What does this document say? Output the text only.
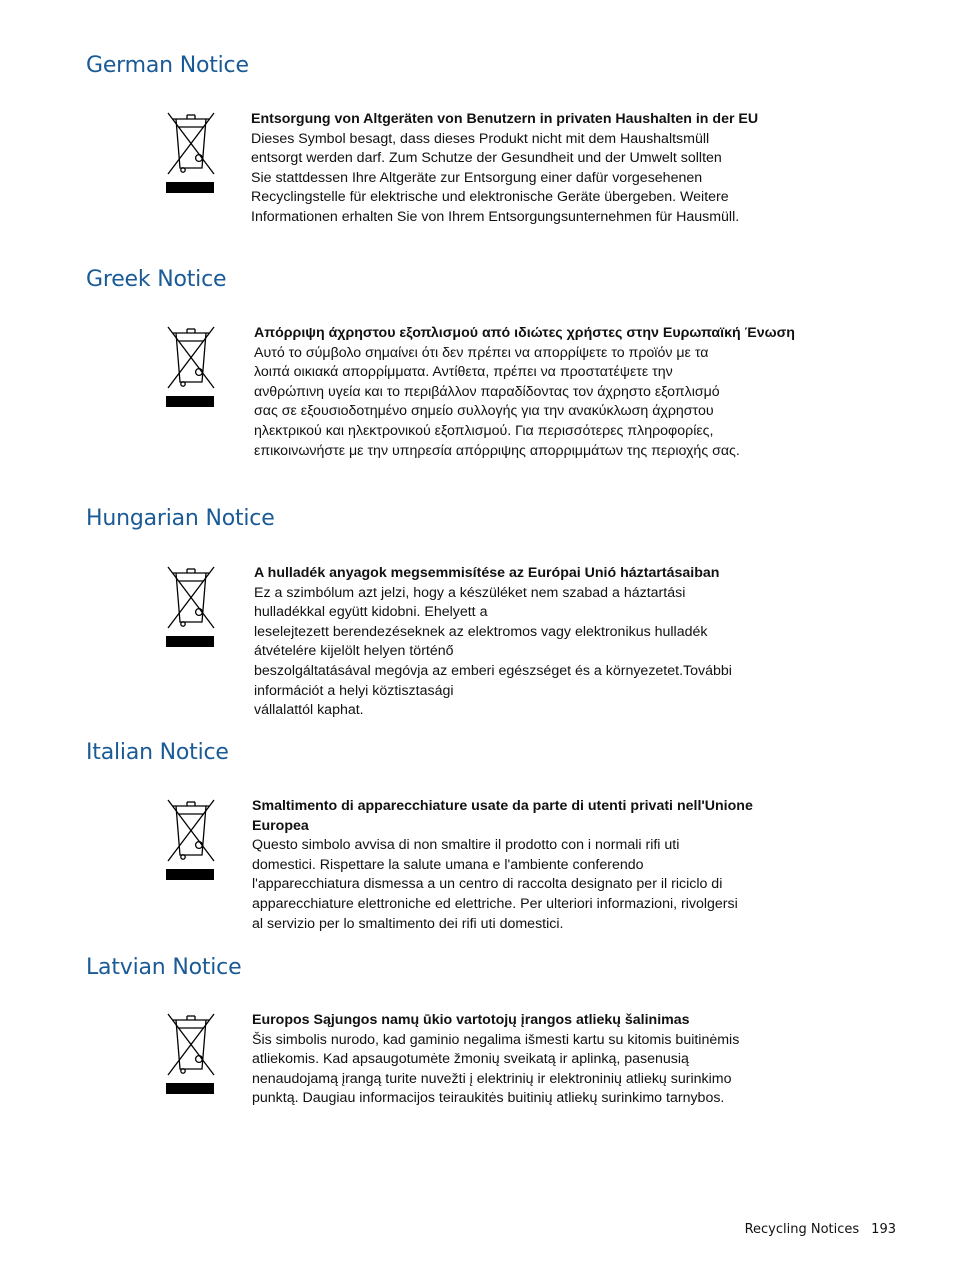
German Notice
Entsorgung von Altgeräten von Benutzern in privaten Haushalten in der EU
Dieses Symbol besagt, dass dieses Produkt nicht mit dem Haushaltsmüll
entsorgt werden darf. Zum Schutze der Gesundheit und der Umwelt sollten
Sie stattdessen Ihre Altgeräte zur Entsorgung einer dafür vorgesehenen
Recyclingstelle für elektrische und elektronische Geräte übergeben. Weitere
Informationen erhalten Sie von Ihrem Entsorgungsunternehmen für Hausmüll.
Greek Notice
Απόρριψη άχρηστου εξοπλισμού από ιδιώτες χρήστες στην Ευρωπαϊκή Ένωση
Αυτό το σύμβολο σημαίνει ότι δεν πρέπει να απορρίψετε το προϊόν με τα
λοιπά οικιακά απορρίμματα. Αντίθετα, πρέπει να προστατέψετε την
ανθρώπινη υγεία και το περιβάλλον παραδίδοντας τον άχρηστο εξοπλισμό
σας σε εξουσιοδοτημένο σημείο συλλογής για την ανακύκλωση άχρηστου
ηλεκτρικού και ηλεκτρονικού εξοπλισμού. Για περισσότερες πληροφορίες,
επικοινωνήστε με την υπηρεσία απόρριψης απορριμμάτων της περιοχής σας.
Hungarian Notice
A hulladék anyagok megsemmisítése az Európai Unió háztartásaiban
Ez a szimbólum azt jelzi, hogy a készüléket nem szabad a háztartási
hulladékkal együtt kidobni. Ehelyett a
leselejtezett berendezéseknek az elektromos vagy elektronikus hulladék
átvételére kijelölt helyen történő
beszolgáltatásával megóvja az emberi egészséget és a környezetet.További
információt a helyi köztisztasági
vállalattól kaphat.
Italian Notice
Smaltimento di apparecchiature usate da parte di utenti privati nell'Unione Europea
Questo simbolo avvisa di non smaltire il prodotto con i normali rifi uti
domestici. Rispettare la salute umana e l'ambiente conferendo
l'apparecchiatura dismessa a un centro di raccolta designato per il riciclo di
apparecchiature elettroniche ed elettriche. Per ulteriori informazioni, rivolgersi
al servizio per lo smaltimento dei rifi uti domestici.
Latvian Notice
Europos Sąjungos namų ūkio vartotojų įrangos atliekų šalinimas
Šis simbolis nurodo, kad gaminio negalima išmesti kartu su kitomis buitinėmis
atliekomis. Kad apsaugotumėte žmonių sveikatą ir aplinką, pasenusią
nenaudojamą įrangą turite nuvežti į elektrinių ir elektroninių atliekų surinkimo
punktą. Daugiau informacijos teiraukitės buitinių atliekų surinkimo tarnybos.
Recycling Notices 193
